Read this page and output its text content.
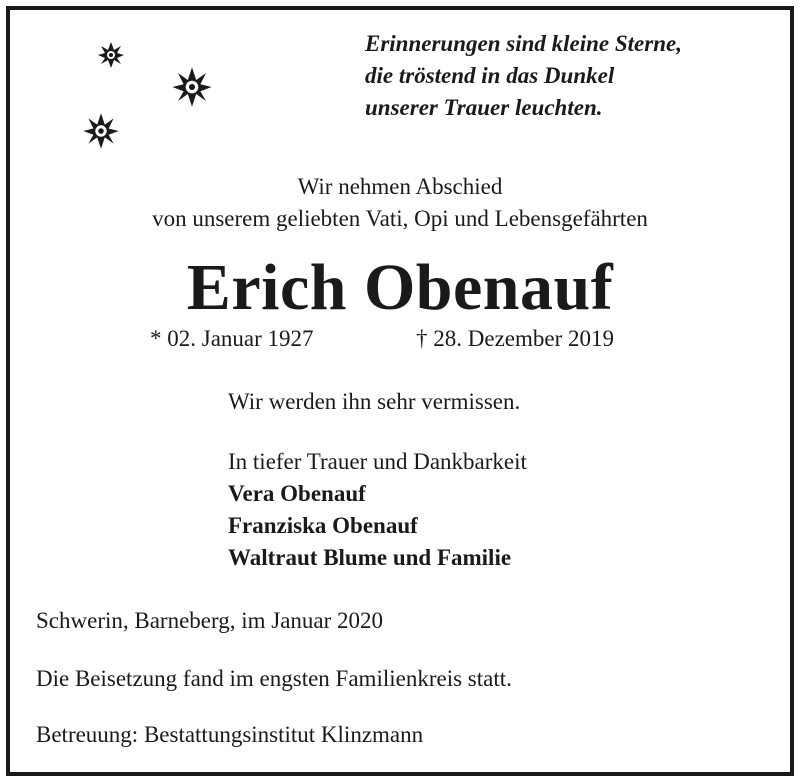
Erinnerungen sind kleine Sterne,
die tröstend in das Dunkel
unserer Trauer leuchten.
Wir nehmen Abschied
von unserem geliebten Vati, Opi und Lebensgefährten
Erich Obenauf
* 02. Januar 1927	† 28. Dezember 2019
Wir werden ihn sehr vermissen.
In tiefer Trauer und Dankbarkeit
Vera Obenauf
Franziska Obenauf
Waltraut Blume und Familie
Schwerin, Barneberg, im Januar 2020
Die Beisetzung fand im engsten Familienkreis statt.
Betreuung: Bestattungsinstitut Klinzmann
